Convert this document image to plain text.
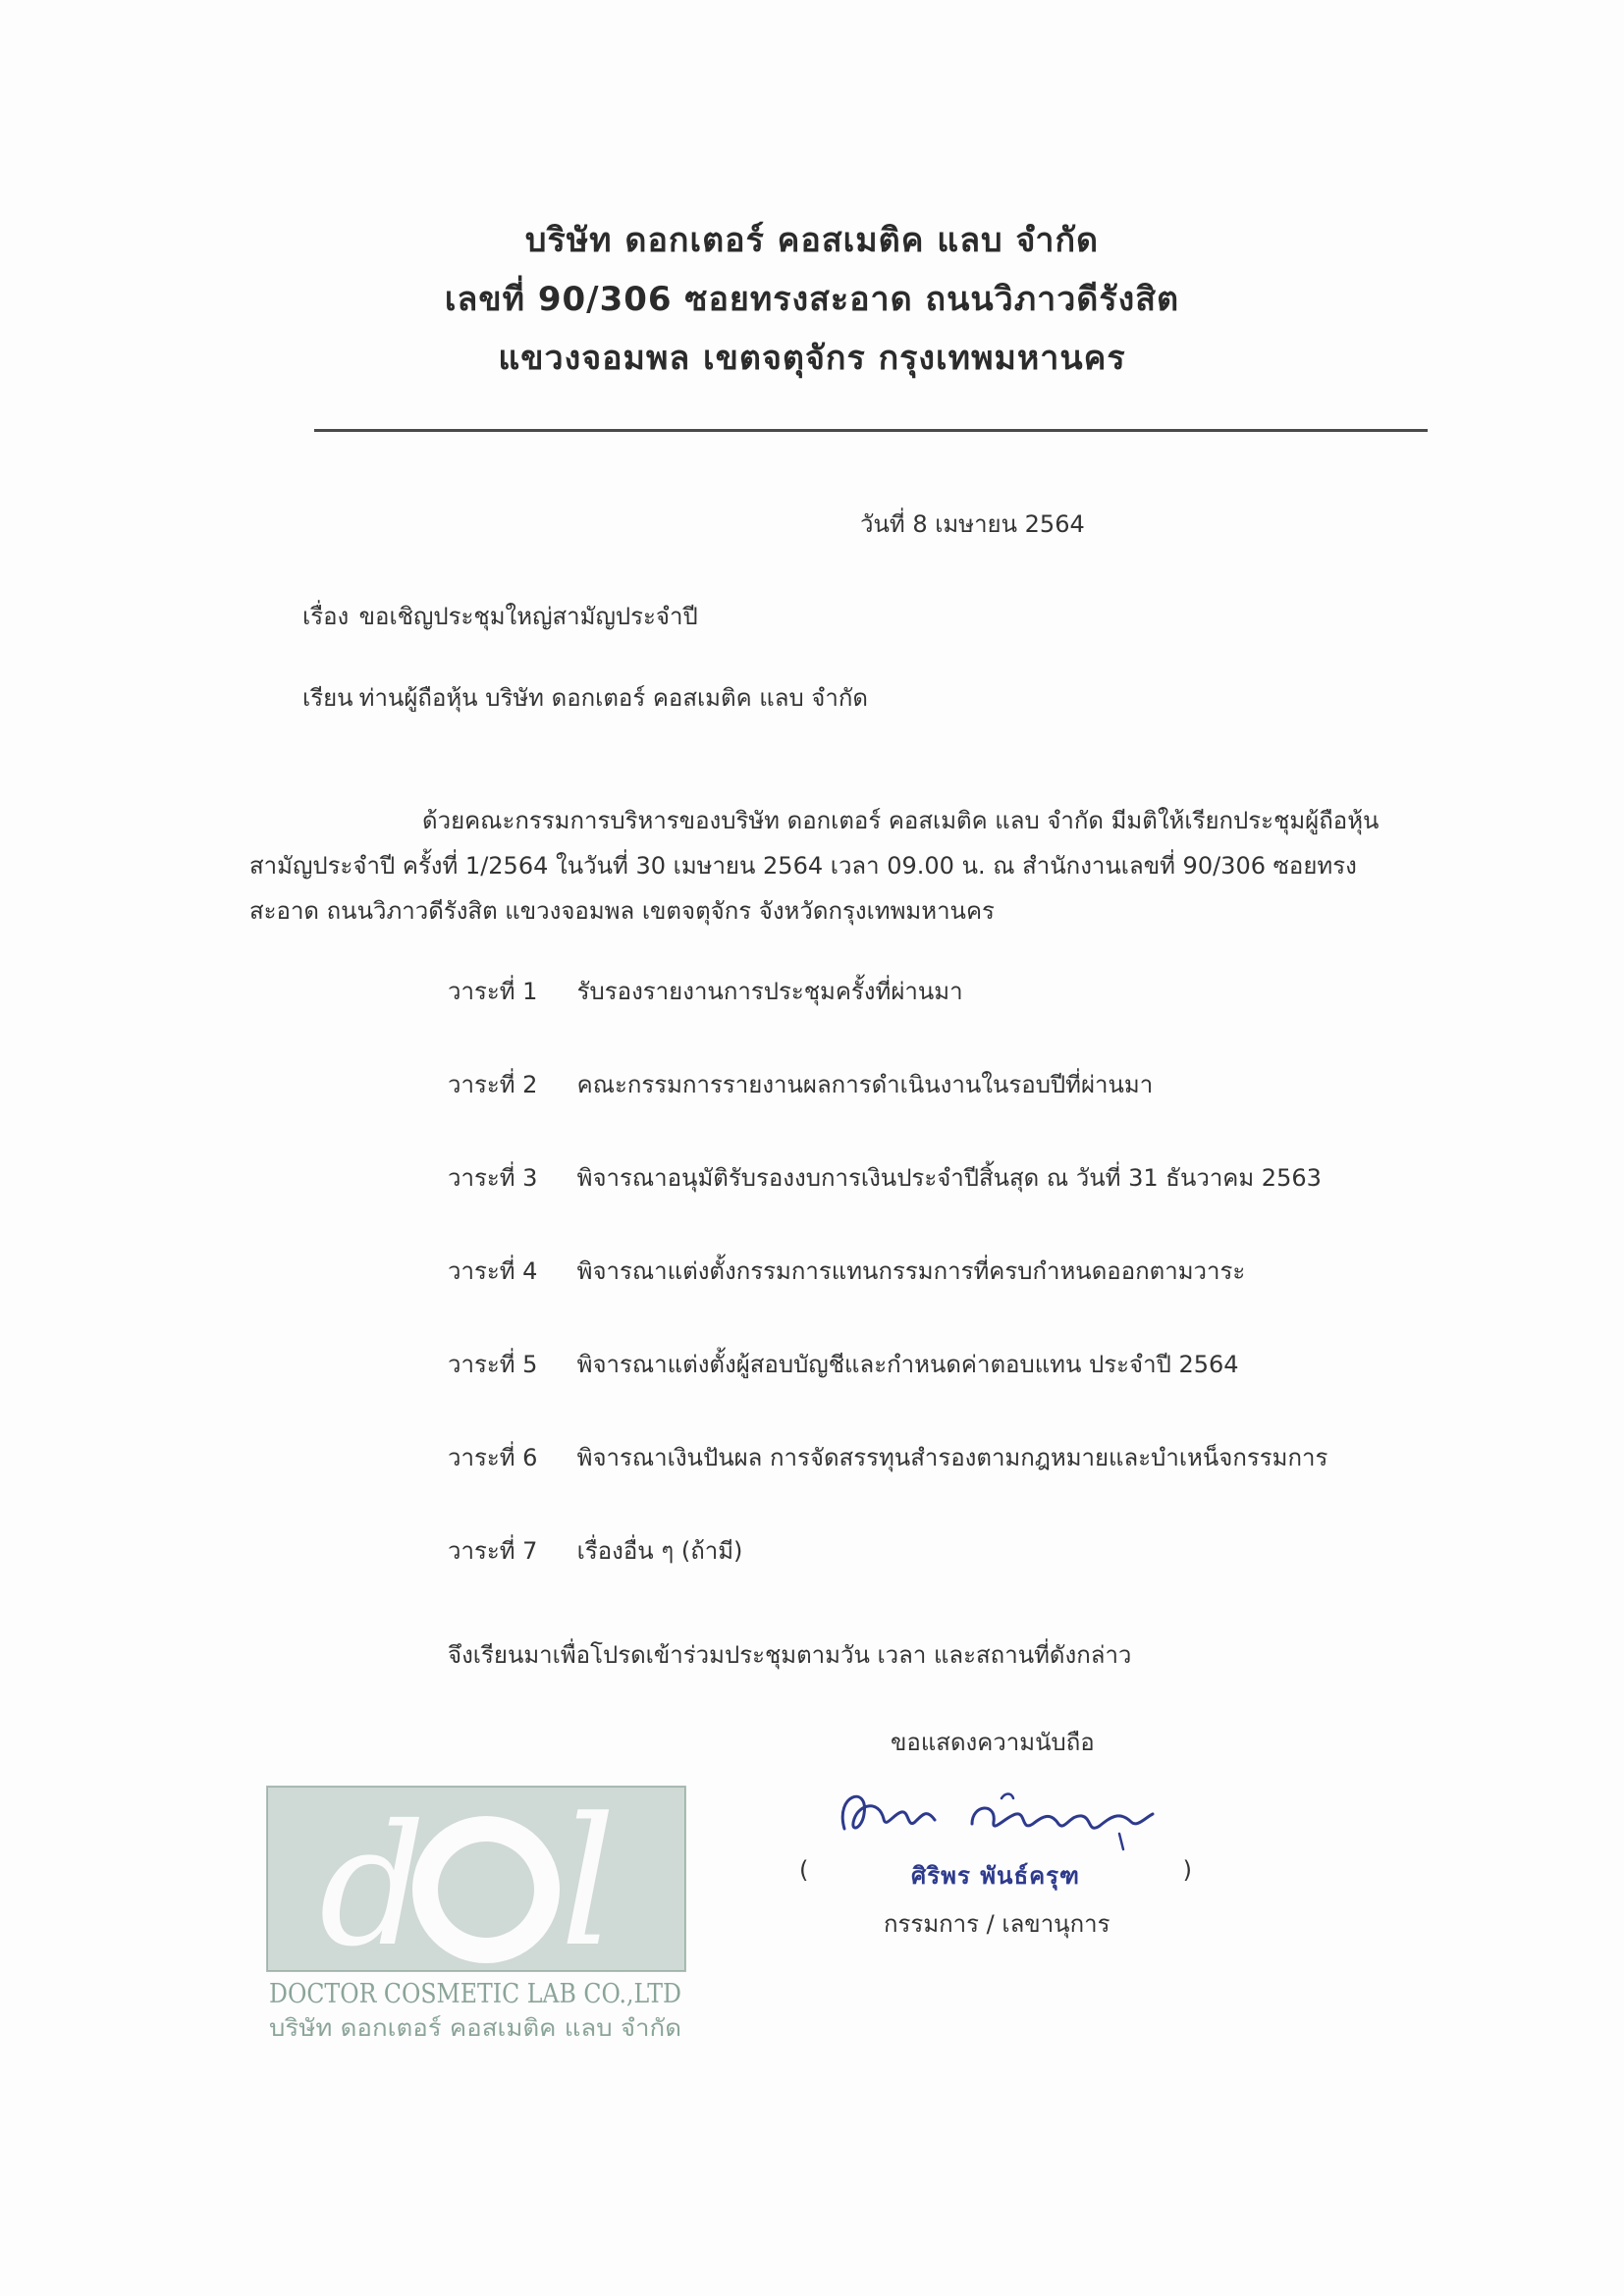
บริษัท ดอกเตอร์ คอสเมติค แลบ จำกัด
เลขที่ 90/306 ซอยทรงสะอาด ถนนวิภาวดีรังสิต
แขวงจอมพล เขตจตุจักร กรุงเทพมหานคร
วันที่ 8 เมษายน 2564
เรื่อง ขอเชิญประชุมใหญ่สามัญประจำปี
เรียน ท่านผู้ถือหุ้น บริษัท ดอกเตอร์ คอสเมติค แลบ จำกัด
ด้วยคณะกรรมการบริหารของบริษัท ดอกเตอร์ คอสเมติค แลบ จำกัด มีมติให้เรียกประชุมผู้ถือหุ้น
สามัญประจำปี ครั้งที่ 1/2564 ในวันที่ 30 เมษายน 2564 เวลา 09.00 น. ณ สำนักงานเลขที่ 90/306 ซอยทรง
สะอาด ถนนวิภาวดีรังสิต แขวงจอมพล เขตจตุจักร จังหวัดกรุงเทพมหานคร
วาระที่ 1 รับรองรายงานการประชุมครั้งที่ผ่านมา
วาระที่ 2 คณะกรรมการรายงานผลการดำเนินงานในรอบปีที่ผ่านมา
วาระที่ 3 พิจารณาอนุมัติรับรองงบการเงินประจำปีสิ้นสุด ณ วันที่ 31 ธันวาคม 2563
วาระที่ 4 พิจารณาแต่งตั้งกรรมการแทนกรรมการที่ครบกำหนดออกตามวาระ
วาระที่ 5 พิจารณาแต่งตั้งผู้สอบบัญชีและกำหนดค่าตอบแทน ประจำปี 2564
วาระที่ 6 พิจารณาเงินปันผล การจัดสรรทุนสำรองตามกฎหมายและบำเหน็จกรรมการ
วาระที่ 7 เรื่องอื่น ๆ (ถ้ามี)
จึงเรียนมาเพื่อโปรดเข้าร่วมประชุมตามวัน เวลา และสถานที่ดังกล่าว
ขอแสดงความนับถือ
(	ศิริพร พันธ์ครุฑ	)
กรรมการ / เลขานุการ
d l
DOCTOR COSMETIC LAB CO.,LTD
บริษัท ดอกเตอร์ คอสเมติค แลบ จำกัด
